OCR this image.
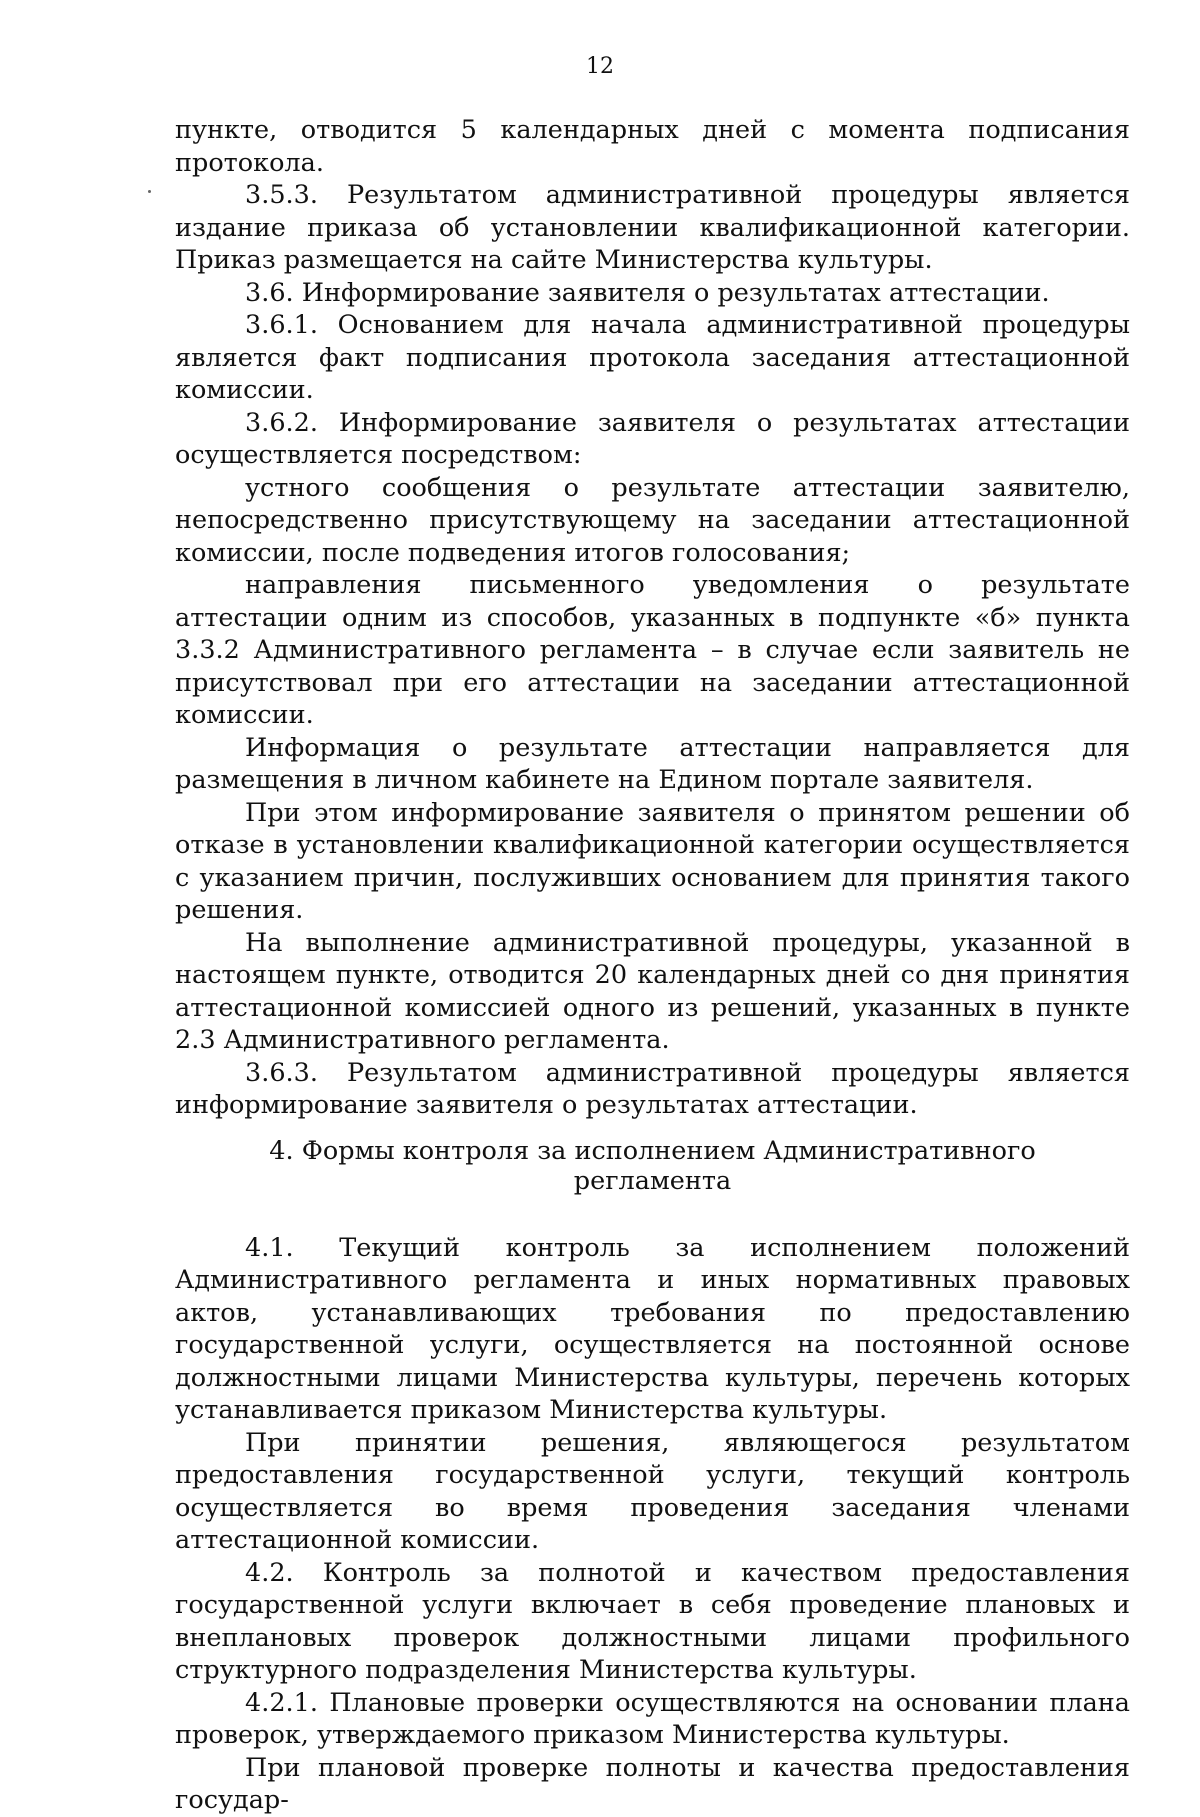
12

пункте, отводится 5 календарных дней с момента подписания протокола.

3.5.3. Результатом административной процедуры является издание приказа об установлении квалификационной категории. Приказ размещается на сайте Министерства культуры.

3.6. Информирование заявителя о результатах аттестации.

3.6.1. Основанием для начала административной процедуры является факт подписания протокола заседания аттестационной комиссии.

3.6.2. Информирование заявителя о результатах аттестации осуществляется посредством:

устного сообщения о результате аттестации заявителю, непосредственно присутствующему на заседании аттестационной комиссии, после подведения итогов голосования;

направления письменного уведомления о результате аттестации одним из способов, указанных в подпункте «б» пункта 3.3.2 Административного регламента – в случае если заявитель не присутствовал при его аттестации на заседании аттестационной комиссии.

Информация о результате аттестации направляется для размещения в личном кабинете на Едином портале заявителя.

При этом информирование заявителя о принятом решении об отказе в установлении квалификационной категории осуществляется с указанием причин, послуживших основанием для принятия такого решения.

На выполнение административной процедуры, указанной в настоящем пункте, отводится 20 календарных дней со дня принятия аттестационной комиссией одного из решений, указанных в пункте 2.3 Административного регламента.

3.6.3. Результатом административной процедуры является информирование заявителя о результатах аттестации.

4. Формы контроля за исполнением Административного регламента

4.1. Текущий контроль за исполнением положений Административного регламента и иных нормативных правовых актов, устанавливающих требования по предоставлению государственной услуги, осуществляется на постоянной основе должностными лицами Министерства культуры, перечень которых устанавливается приказом Министерства культуры.

При принятии решения, являющегося результатом предоставления государственной услуги, текущий контроль осуществляется во время проведения заседания членами аттестационной комиссии.

4.2. Контроль за полнотой и качеством предоставления государственной услуги включает в себя проведение плановых и внеплановых проверок должностными лицами профильного структурного подразделения Министерства культуры.

4.2.1. Плановые проверки осуществляются на основании плана проверок, утверждаемого приказом Министерства культуры.

При плановой проверке полноты и качества предоставления государ-
